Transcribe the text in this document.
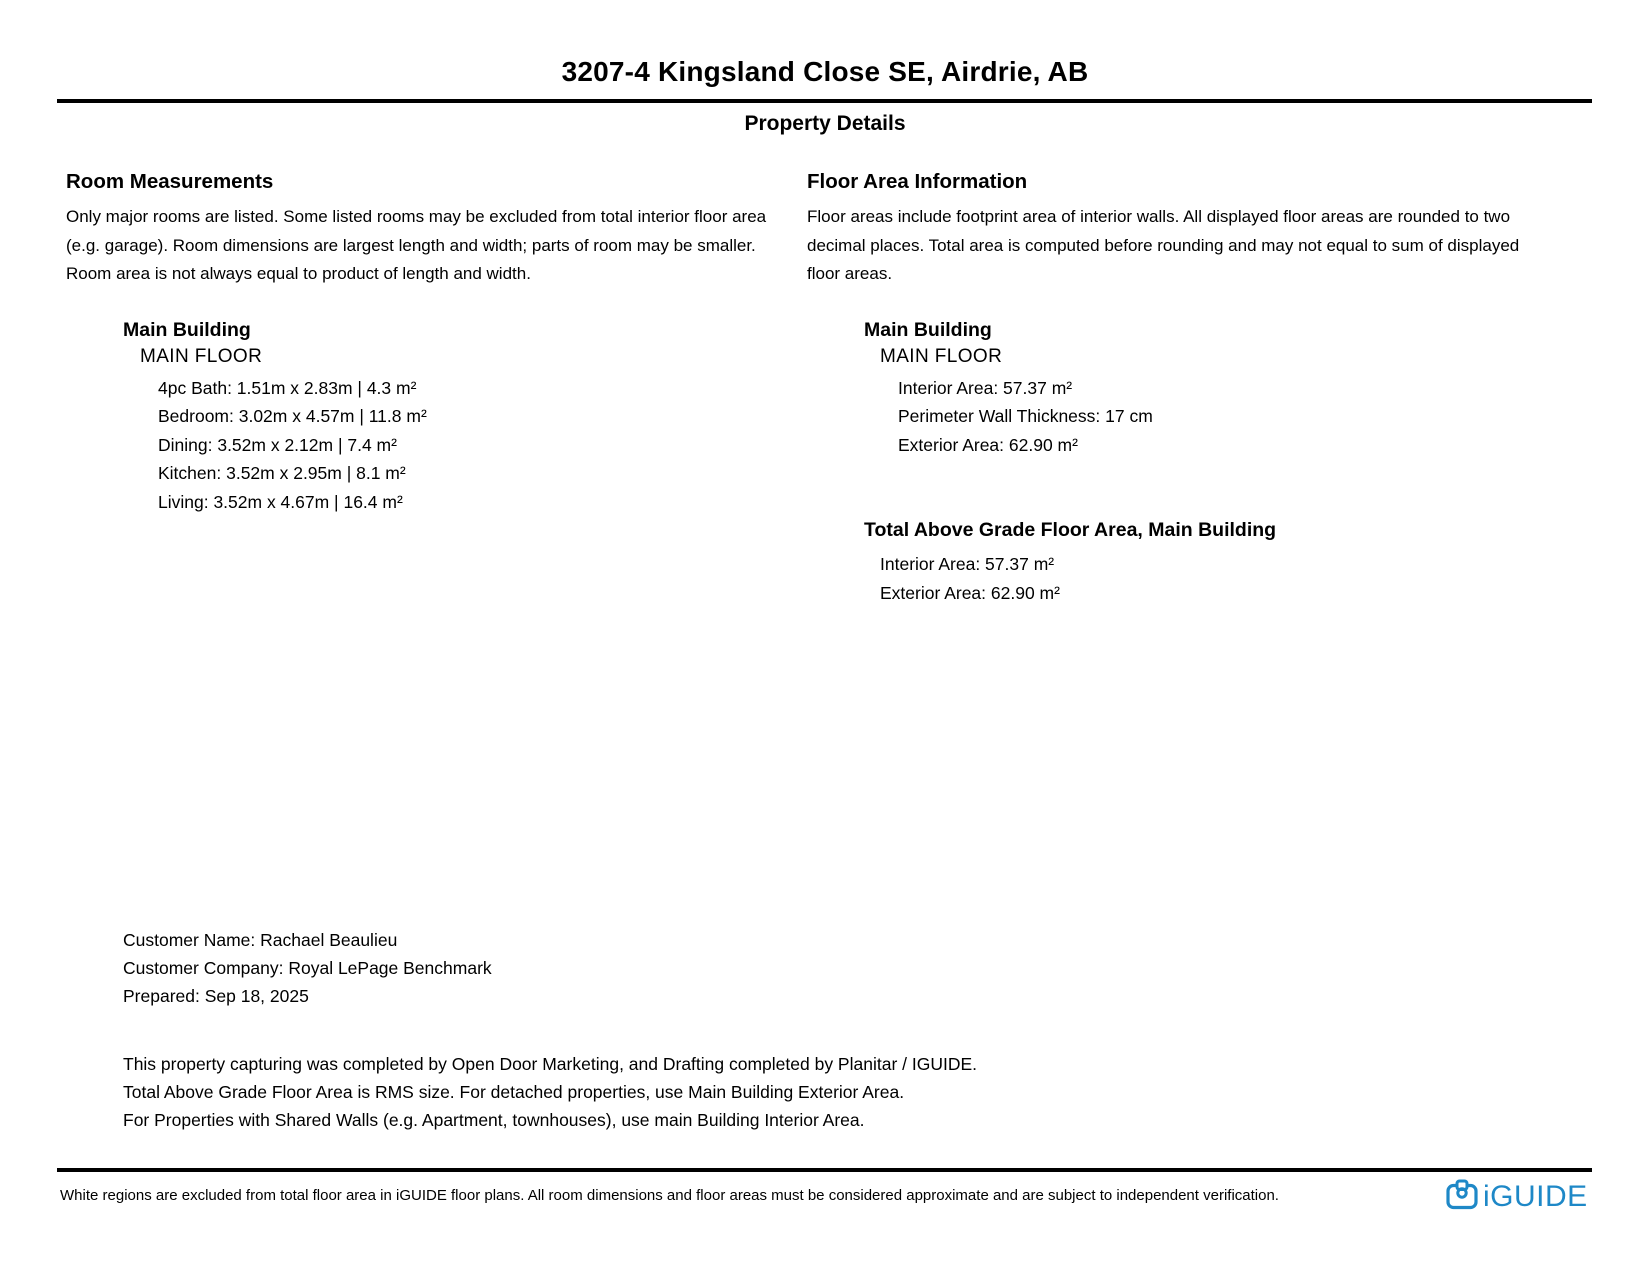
3207-4 Kingsland Close SE, Airdrie, AB
Property Details
Room Measurements

Only major rooms are listed. Some listed rooms may be excluded from total interior floor area (e.g. garage). Room dimensions are largest length and width; parts of room may be smaller. Room area is not always equal to product of length and width.

Main Building
MAIN FLOOR
4pc Bath: 1.51m x 2.83m | 4.3 m²
Bedroom: 3.02m x 4.57m | 11.8 m²
Dining: 3.52m x 2.12m | 7.4 m²
Kitchen: 3.52m x 2.95m | 8.1 m²
Living: 3.52m x 4.67m | 16.4 m²
Floor Area Information

Floor areas include footprint area of interior walls. All displayed floor areas are rounded to two decimal places. Total area is computed before rounding and may not equal to sum of displayed floor areas.

Main Building
MAIN FLOOR
Interior Area: 57.37 m²
Perimeter Wall Thickness: 17 cm
Exterior Area: 62.90 m²
Total Above Grade Floor Area, Main Building
Interior Area: 57.37 m²
Exterior Area: 62.90 m²
Customer Name: Rachael Beaulieu
Customer Company: Royal LePage Benchmark
Prepared: Sep 18, 2025
This property capturing was completed by Open Door Marketing, and Drafting completed by Planitar / IGUIDE.
Total Above Grade Floor Area is RMS size. For detached properties, use Main Building Exterior Area.
For Properties with Shared Walls (e.g. Apartment, townhouses), use main Building Interior Area.
White regions are excluded from total floor area in iGUIDE floor plans. All room dimensions and floor areas must be considered approximate and are subject to independent verification.	iGUIDE
